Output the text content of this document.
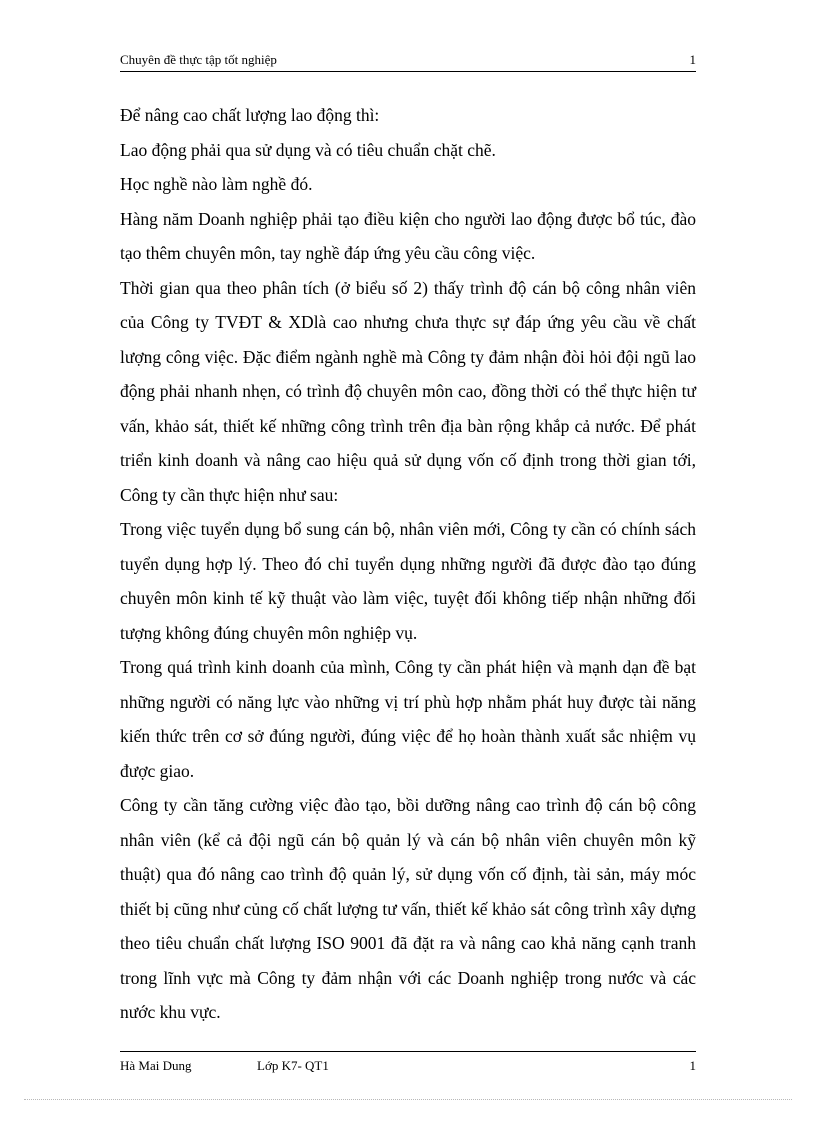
Chuyên đề thực tập tốt nghiệp	1

Để nâng cao chất lượng lao động thì:

Lao động phải qua sử dụng và có tiêu chuẩn chặt chẽ.

Học nghề nào làm nghề đó.

Hàng năm Doanh nghiệp phải tạo điều kiện cho người lao động được bổ túc, đào tạo thêm chuyên môn, tay nghề đáp ứng yêu cầu công việc.

Thời gian qua theo phân tích (ở biểu số 2) thấy trình độ cán bộ công nhân viên của Công ty TVĐT & XDlà cao nhưng chưa thực sự đáp ứng yêu cầu về chất lượng công việc. Đặc điểm ngành nghề mà Công ty đảm nhận đòi hỏi đội ngũ lao động phải nhanh nhẹn, có trình độ chuyên môn cao, đồng thời có thể thực hiện tư vấn, khảo sát, thiết kế những công trình trên địa bàn rộng khắp cả nước. Để phát triển kinh doanh và nâng cao hiệu quả sử dụng vốn cố định trong thời gian tới, Công ty cần thực hiện như sau:

Trong việc tuyển dụng bổ sung cán bộ, nhân viên mới, Công ty cần có chính sách tuyển dụng hợp lý. Theo đó chỉ tuyển dụng những người đã được đào tạo đúng chuyên môn kinh tế kỹ thuật vào làm việc, tuyệt đối không tiếp nhận những đối tượng không đúng chuyên môn nghiệp vụ.

Trong quá trình kinh doanh của mình, Công ty cần phát hiện và mạnh dạn đề bạt những người có năng lực vào những vị trí phù hợp nhằm phát huy được tài năng kiến thức trên cơ sở đúng người, đúng việc để họ hoàn thành xuất sắc nhiệm vụ được giao.

Công ty cần tăng cường việc đào tạo, bồi dưỡng nâng cao trình độ cán bộ công nhân viên (kể cả đội ngũ cán bộ quản lý và cán bộ nhân viên chuyên môn kỹ thuật) qua đó nâng cao trình độ quản lý, sử dụng vốn cố định, tài sản, máy móc thiết bị cũng như củng cố chất lượng tư vấn, thiết kế khảo sát công trình xây dựng theo tiêu chuẩn chất lượng ISO 9001 đã đặt ra và nâng cao khả năng cạnh tranh trong lĩnh vực mà Công ty đảm nhận với các Doanh nghiệp trong nước và các nước khu vực.

Hà Mai Dung	Lớp K7- QT1	1
